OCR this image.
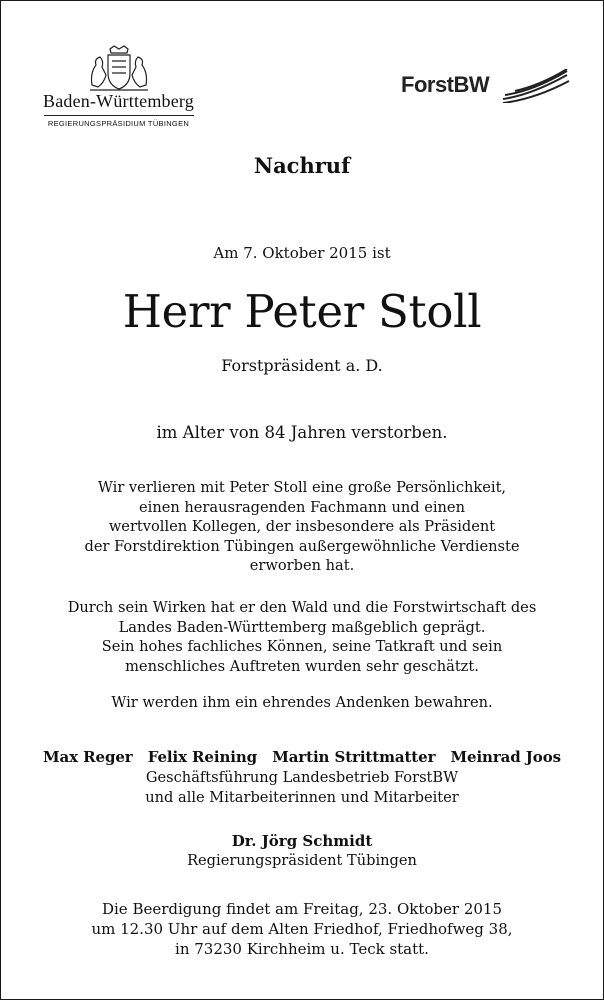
Baden-Württemberg
REGIERUNGSPRÄSIDIUM TÜBINGEN
ForstBW
Nachruf
Am 7. Oktober 2015 ist
Herr Peter Stoll
Forstpräsident a. D.
im Alter von 84 Jahren verstorben.
Wir verlieren mit Peter Stoll eine große Persönlichkeit,
einen herausragenden Fachmann und einen
wertvollen Kollegen, der insbesondere als Präsident
der Forstdirektion Tübingen außergewöhnliche Verdienste
erworben hat.
Durch sein Wirken hat er den Wald und die Forstwirtschaft des
Landes Baden-Württemberg maßgeblich geprägt.
Sein hohes fachliches Können, seine Tatkraft und sein
menschliches Auftreten wurden sehr geschätzt.
Wir werden ihm ein ehrendes Andenken bewahren.
Max Reger Felix Reining Martin Strittmatter Meinrad Joos
Geschäftsführung Landesbetrieb ForstBW
und alle Mitarbeiterinnen und Mitarbeiter
Dr. Jörg Schmidt
Regierungspräsident Tübingen
Die Beerdigung findet am Freitag, 23. Oktober 2015
um 12.30 Uhr auf dem Alten Friedhof, Friedhofweg 38,
in 73230 Kirchheim u. Teck statt.
